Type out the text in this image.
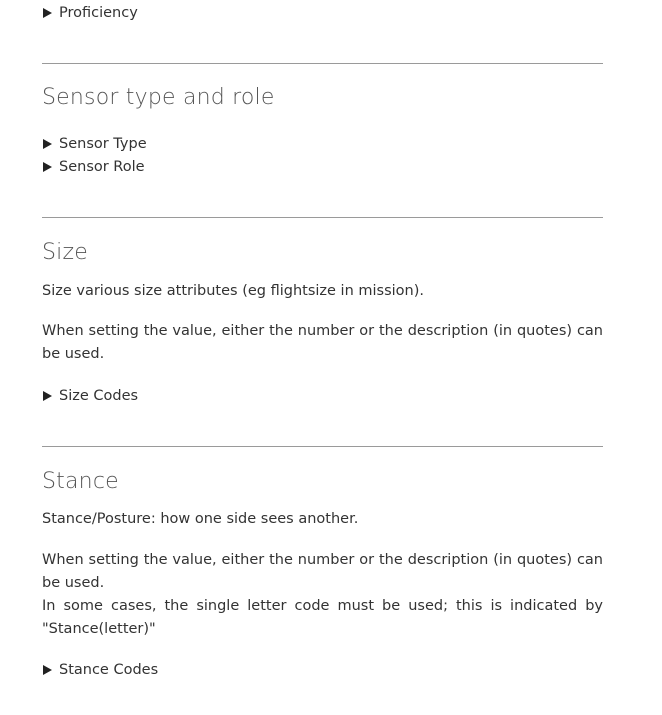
Proficiency
Sensor type and role
Sensor Type
Sensor Role
Size

Size various size attributes (eg flightsize in mission).

When setting the value, either the number or the description (in quotes) can be used.

Size Codes
Stance

Stance/Posture: how one side sees another.

When setting the value, either the number or the description (in quotes) can be used.

In some cases, the single letter code must be used; this is indicated by "Stance(letter)"

Stance Codes
